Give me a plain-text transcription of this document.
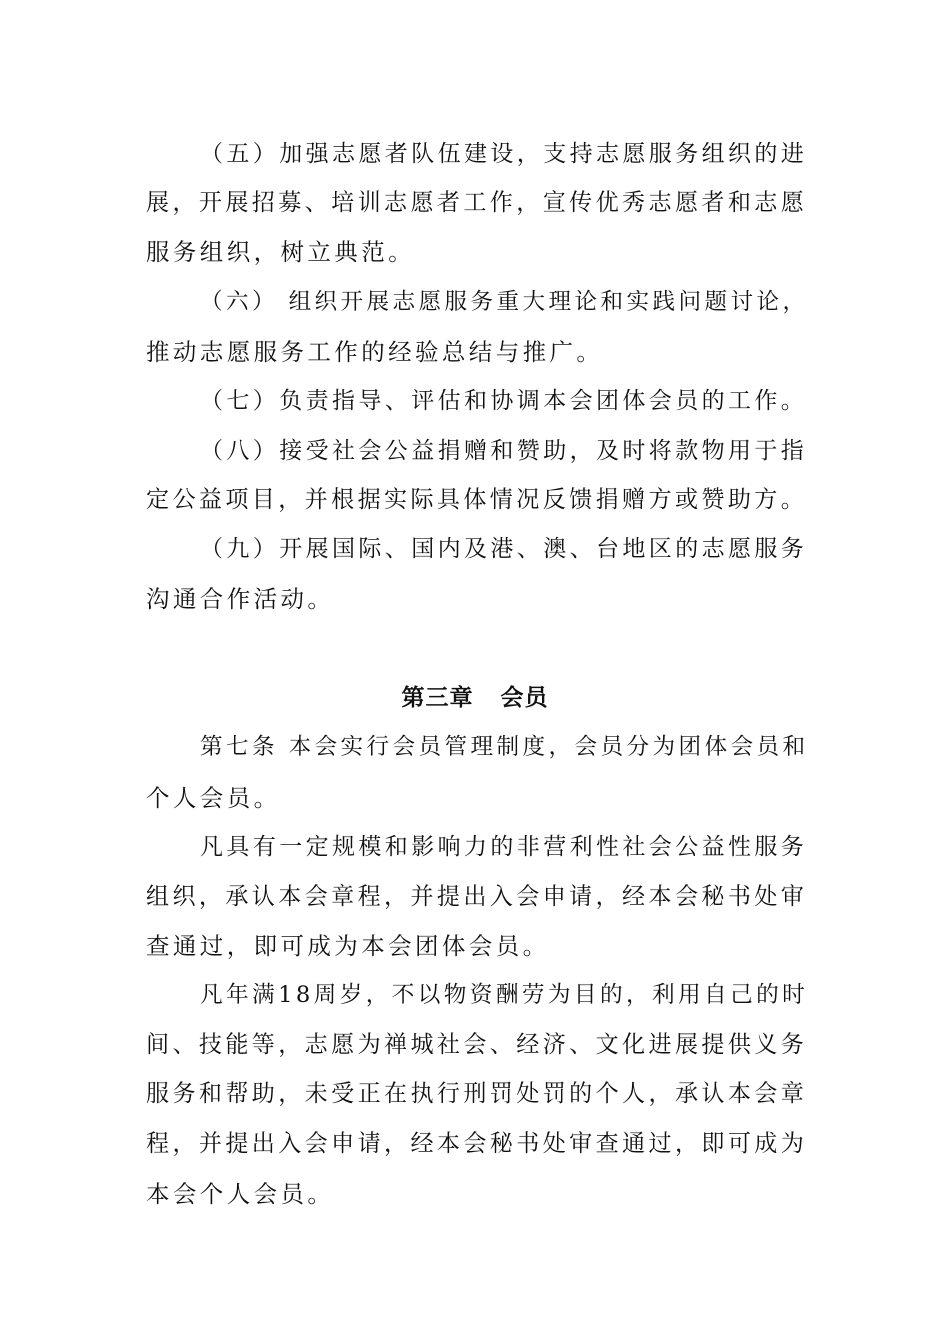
（五）加强志愿者队伍建设，支持志愿服务组织的进
展，开展招募、培训志愿者工作，宣传优秀志愿者和志愿
服务组织，树立典范。
（六） 组织开展志愿服务重大理论和实践问题讨论，
推动志愿服务工作的经验总结与推广。
（七）负责指导、评估和协调本会团体会员的工作。
（八）接受社会公益捐赠和赞助，及时将款物用于指
定公益项目，并根据实际具体情况反馈捐赠方或赞助方。
（九）开展国际、国内及港、澳、台地区的志愿服务
沟通合作活动。
第三章   会员
第七条 本会实行会员管理制度，会员分为团体会员和
个人会员。
凡具有一定规模和影响力的非营利性社会公益性服务
组织，承认本会章程，并提出入会申请，经本会秘书处审
查通过，即可成为本会团体会员。
凡年满18周岁，不以物资酬劳为目的，利用自己的时
间、技能等，志愿为禅城社会、经济、文化进展提供义务
服务和帮助，未受正在执行刑罚处罚的个人，承认本会章
程，并提出入会申请，经本会秘书处审查通过，即可成为
本会个人会员。
